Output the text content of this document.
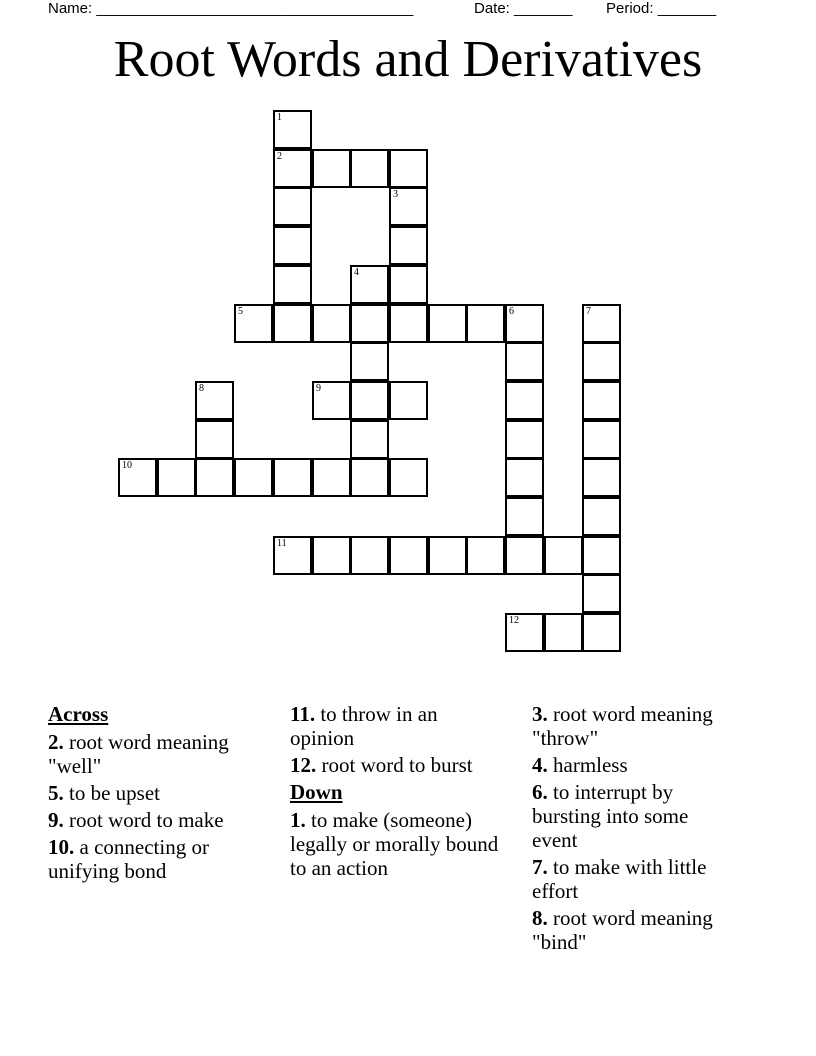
Name: ______________________________________	Date: _______ Period: _______
Root Words and Derivatives
1
2
3
4
5	6	7
8	9
10
11
12
Across
2. root word meaning "well"
5. to be upset
9. root word to make
10. a connecting or unifying bond
11. to throw in an opinion
12. root word to burst
Down
1. to make (someone) legally or morally bound to an action
3. root word meaning "throw"
4. harmless
6. to interrupt by bursting into some event
7. to make with little effort
8. root word meaning "bind"
